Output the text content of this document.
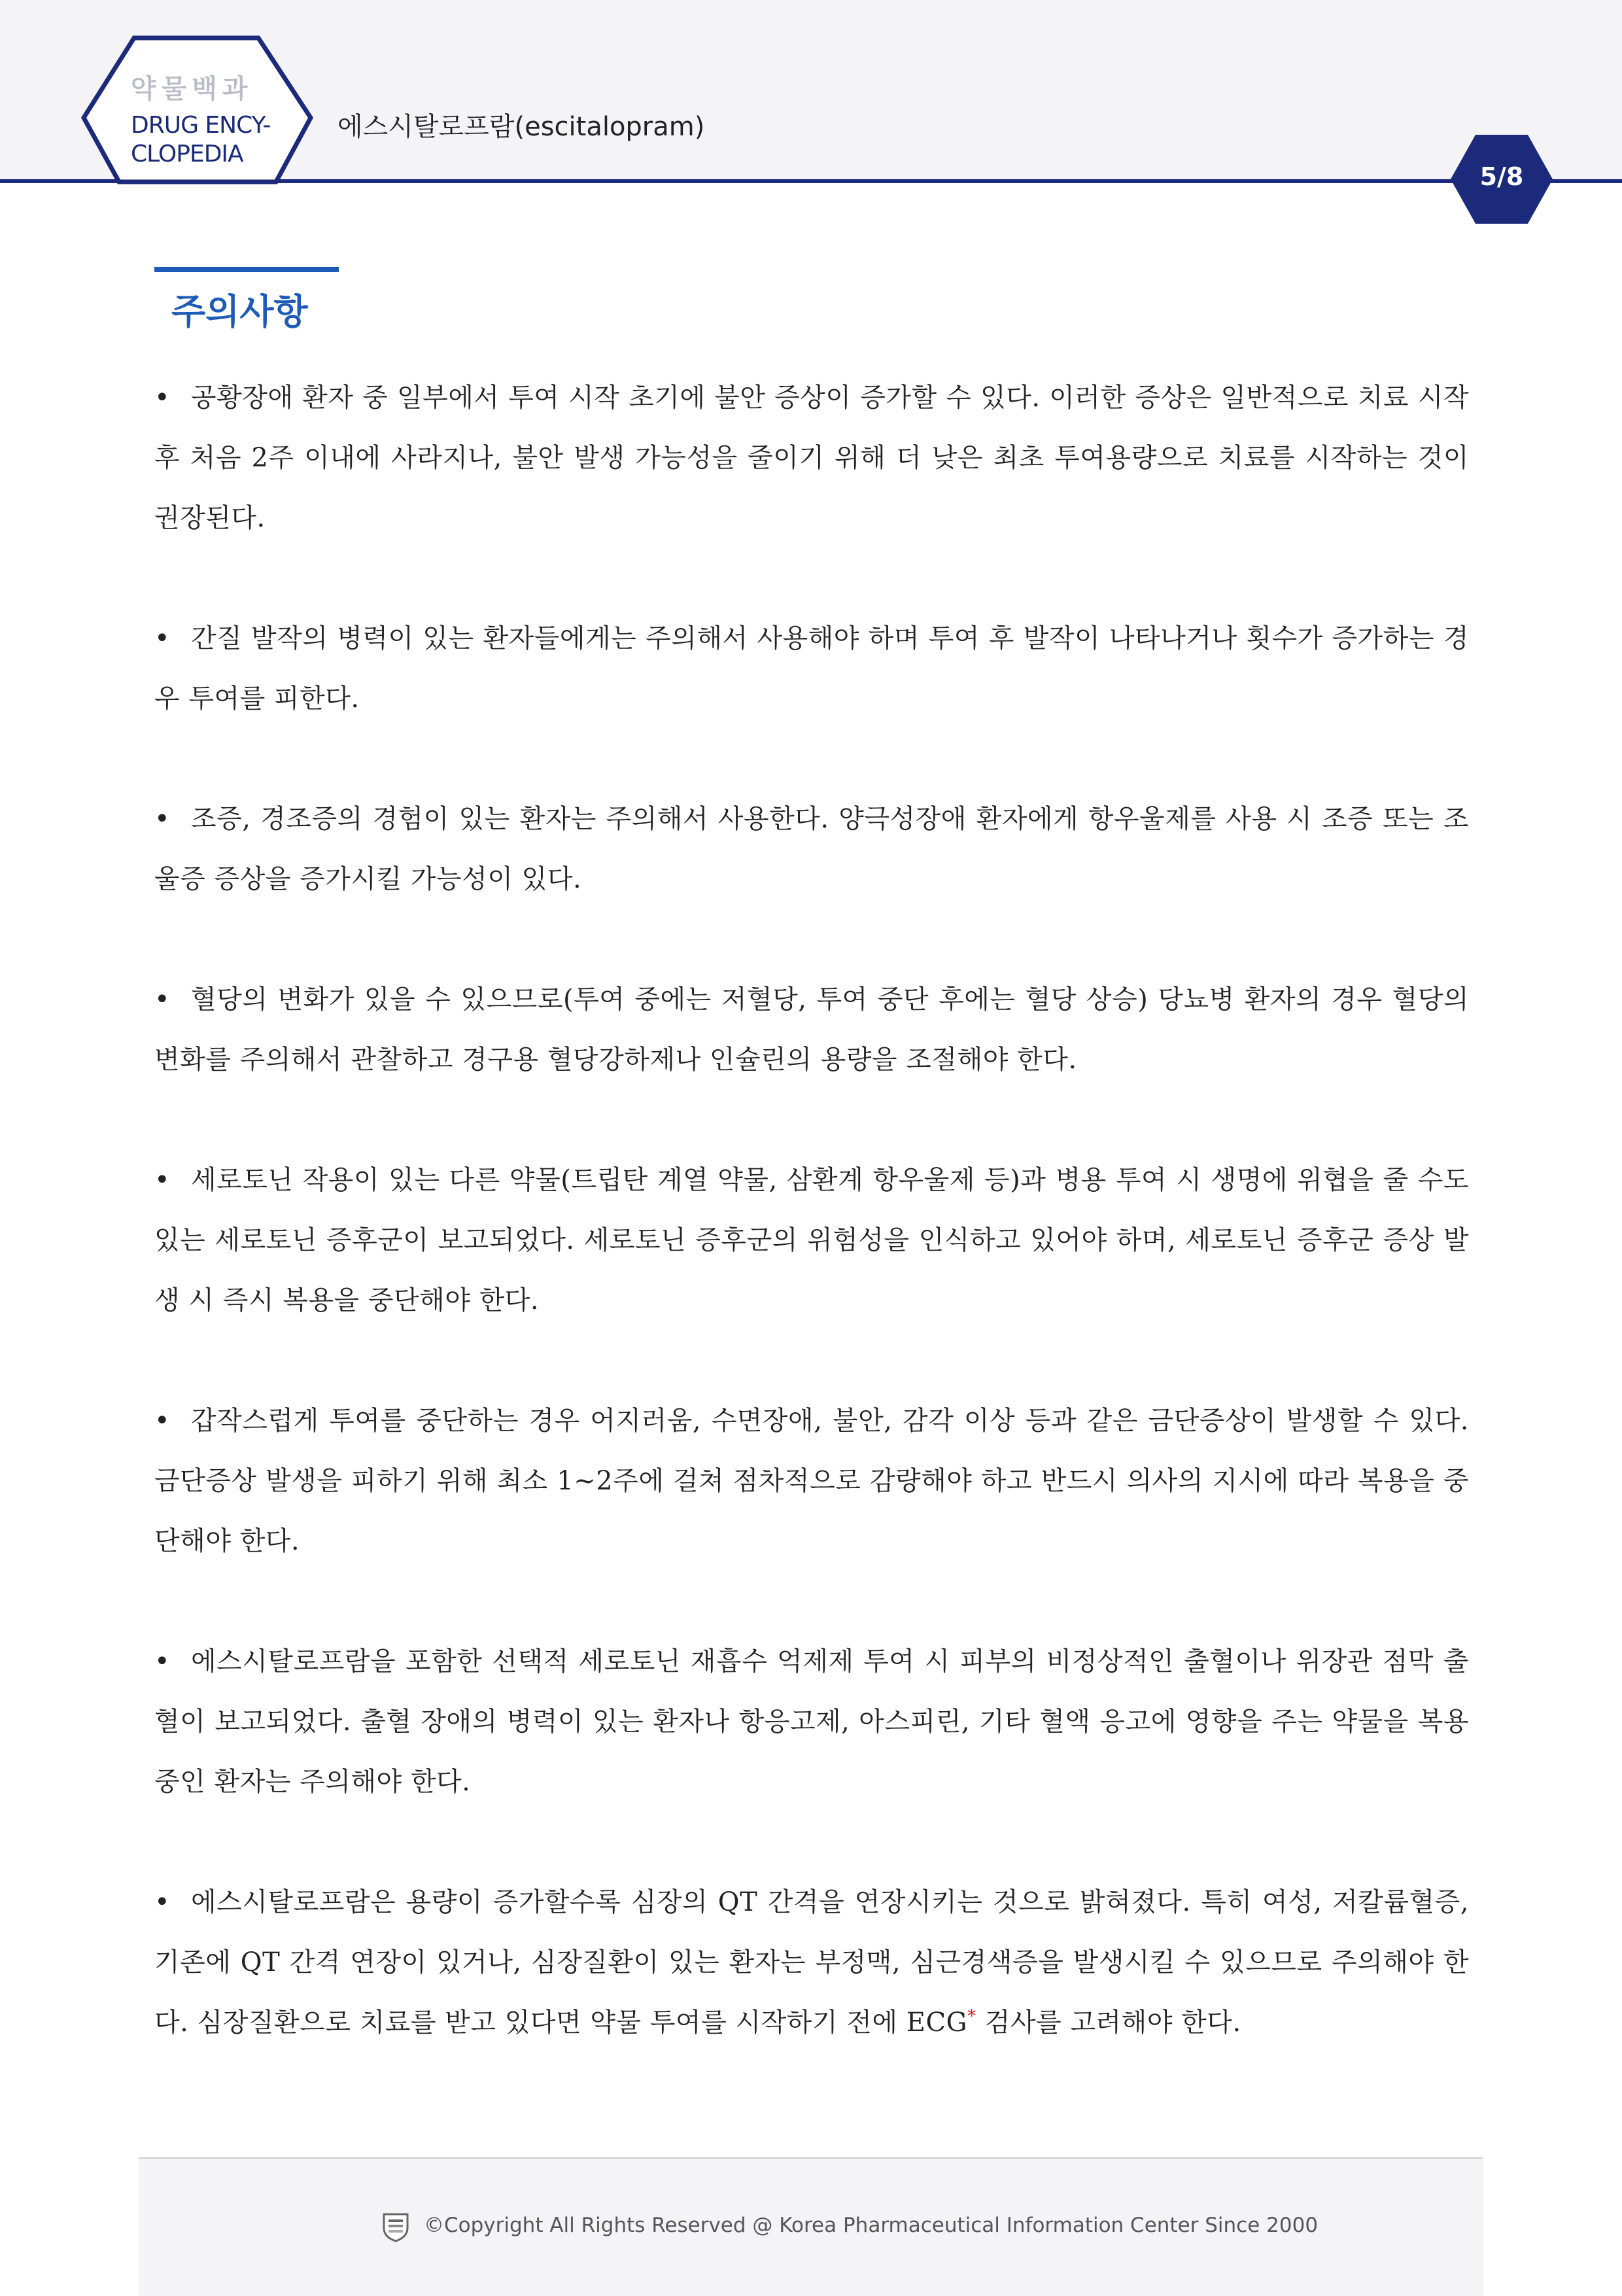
약물백과
DRUG ENCY-
CLOPEDIA
에스시탈로프람(escitalopram)
5/8
주의사항

• 공황장애 환자 중 일부에서 투여 시작 초기에 불안 증상이 증가할 수 있다. 이러한 증상은 일반적으로 치료 시작 후 처음 2주 이내에 사라지나, 불안 발생 가능성을 줄이기 위해 더 낮은 최초 투여용량으로 치료를 시작하는 것이 권장된다.

• 간질 발작의 병력이 있는 환자들에게는 주의해서 사용해야 하며 투여 후 발작이 나타나거나 횟수가 증가하는 경우 투여를 피한다.

• 조증, 경조증의 경험이 있는 환자는 주의해서 사용한다. 양극성장애 환자에게 항우울제를 사용 시 조증 또는 조울증 증상을 증가시킬 가능성이 있다.

• 혈당의 변화가 있을 수 있으므로(투여 중에는 저혈당, 투여 중단 후에는 혈당 상승) 당뇨병 환자의 경우 혈당의 변화를 주의해서 관찰하고 경구용 혈당강하제나 인슐린의 용량을 조절해야 한다.

• 세로토닌 작용이 있는 다른 약물(트립탄 계열 약물, 삼환계 항우울제 등)과 병용 투여 시 생명에 위협을 줄 수도 있는 세로토닌 증후군이 보고되었다. 세로토닌 증후군의 위험성을 인식하고 있어야 하며, 세로토닌 증후군 증상 발생 시 즉시 복용을 중단해야 한다.

• 갑작스럽게 투여를 중단하는 경우 어지러움, 수면장애, 불안, 감각 이상 등과 같은 금단증상이 발생할 수 있다. 금단증상 발생을 피하기 위해 최소 1~2주에 걸쳐 점차적으로 감량해야 하고 반드시 의사의 지시에 따라 복용을 중단해야 한다.

• 에스시탈로프람을 포함한 선택적 세로토닌 재흡수 억제제 투여 시 피부의 비정상적인 출혈이나 위장관 점막 출혈이 보고되었다. 출혈 장애의 병력이 있는 환자나 항응고제, 아스피린, 기타 혈액 응고에 영향을 주는 약물을 복용 중인 환자는 주의해야 한다.

• 에스시탈로프람은 용량이 증가할수록 심장의 QT 간격을 연장시키는 것으로 밝혀졌다. 특히 여성, 저칼륨혈증, 기존에 QT 간격 연장이 있거나, 심장질환이 있는 환자는 부정맥, 심근경색증을 발생시킬 수 있으므로 주의해야 한다. 심장질환으로 치료를 받고 있다면 약물 투여를 시작하기 전에 ECG* 검사를 고려해야 한다.

©Copyright All Rights Reserved @ Korea Pharmaceutical Information Center Since 2000
